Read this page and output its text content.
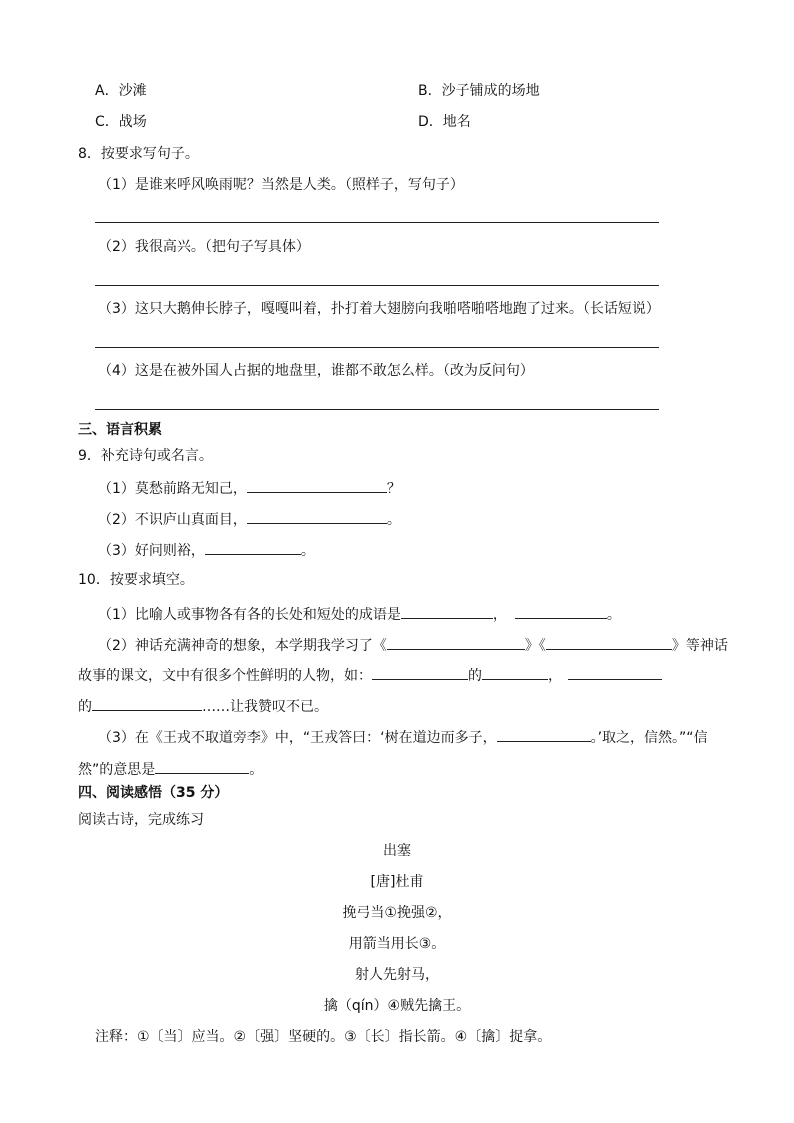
A．沙滩	B．沙子铺成的场地
C．战场	D．地名
8．按要求写句子。
（1）是谁来呼风唤雨呢？当然是人类。（照样子，写句子）
（2）我很高兴。（把句子写具体）
（3）这只大鹅伸长脖子，嘎嘎叫着，扑打着大翅膀向我啪嗒啪嗒地跑了过来。（长话短说）
（4）这是在被外国人占据的地盘里，谁都不敢怎么样。（改为反问句）
三、语言积累
9．补充诗句或名言。
（1）莫愁前路无知己，	？
（2）不识庐山真面目，	。
（3）好问则裕，	。
10．按要求填空。
（1）比喻人或事物各有各的长处和短处的成语是	，	。
（2）神话充满神奇的想象，本学期我学习了《	》《	》等神话
故事的课文，文中有很多个性鲜明的人物，如：	的	，
的	……让我赞叹不已。
（3）在《王戎不取道旁李》中，“王戎答曰：‘树在道边而多子，	。’取之，信然。”“信
然”的意思是	。
四、阅读感悟（35 分）
阅读古诗，完成练习
出塞
[唐]杜甫
挽弓当①挽强②，
用箭当用长③。
射人先射马，
擒（qín）④贼先擒王。
注释：①〔当〕应当。②〔强〕坚硬的。③〔长〕指长箭。④〔擒〕捉拿。
